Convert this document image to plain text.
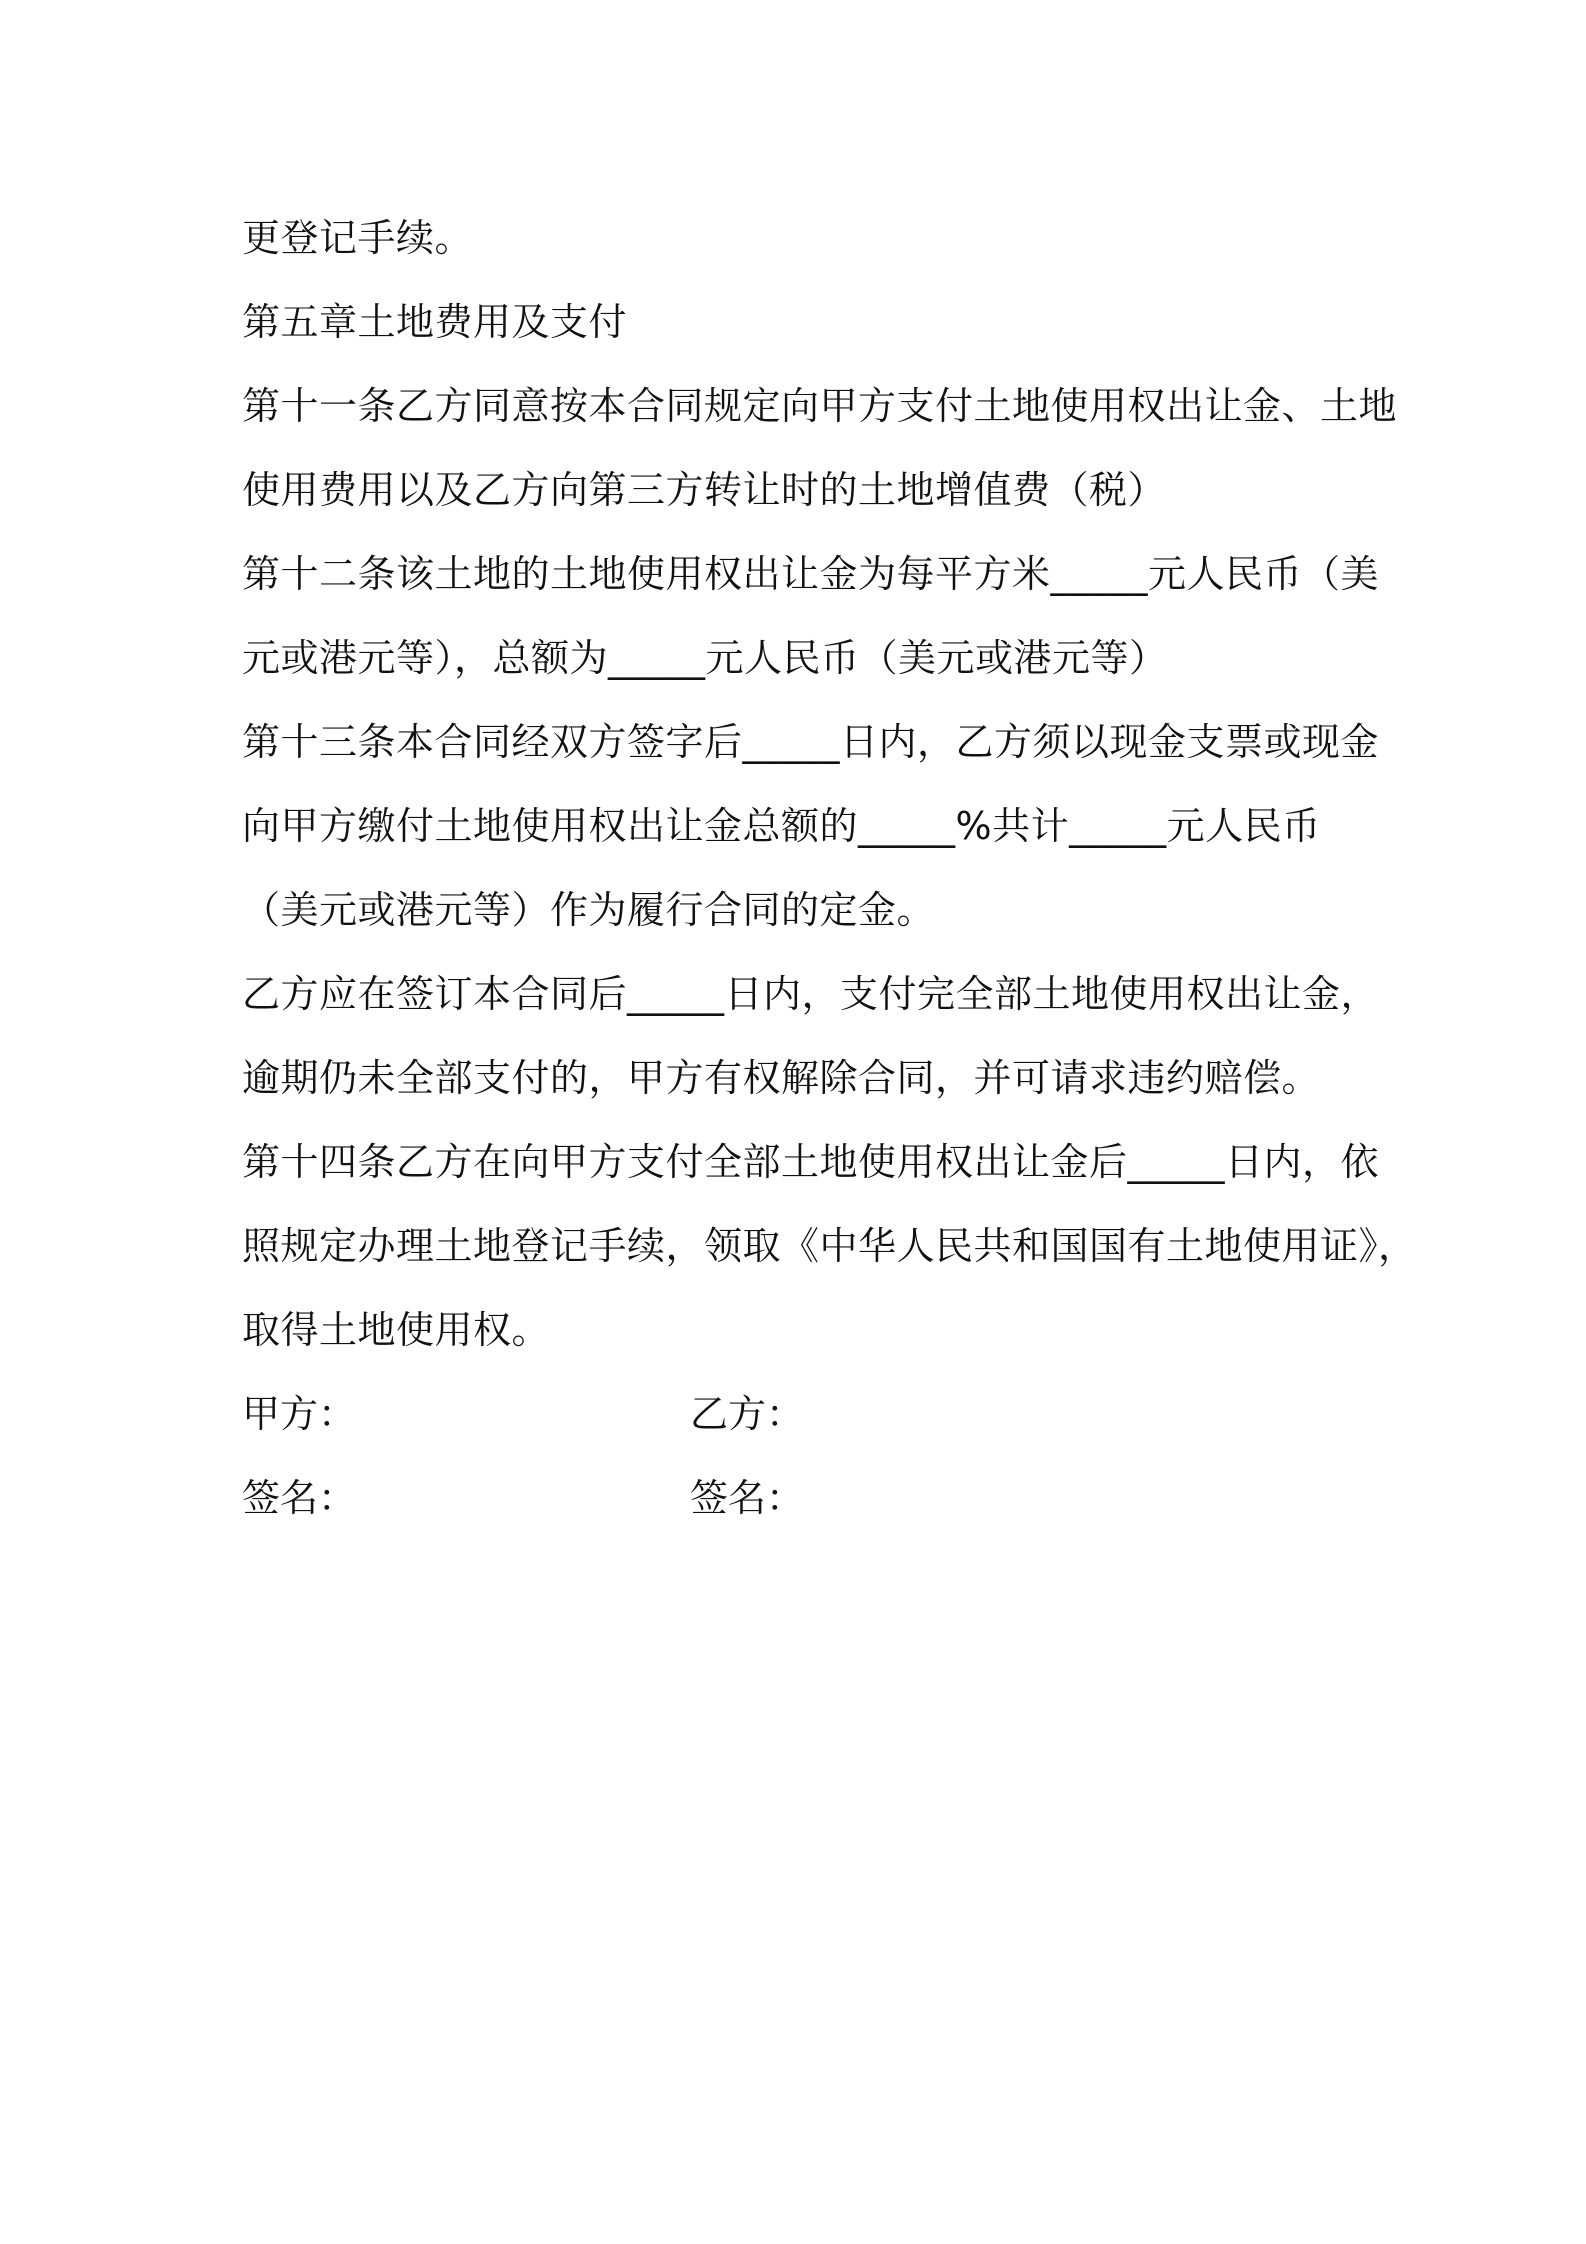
更登记手续。
第五章土地费用及支付
第十一条乙方同意按本合同规定向甲方支付土地使用权出让金、土地
使用费用以及乙方向第三方转让时的土地增值费（税）
第十二条该土地的土地使用权出让金为每平方米_____元人民币（美
元或港元等），总额为_____元人民币（美元或港元等）
第十三条本合同经双方签字后_____日内，乙方须以现金支票或现金
向甲方缴付土地使用权出让金总额的_____%共计_____元人民币
（美元或港元等）作为履行合同的定金。
乙方应在签订本合同后_____日内，支付完全部土地使用权出让金，
逾期仍未全部支付的，甲方有权解除合同，并可请求违约赔偿。
第十四条乙方在向甲方支付全部土地使用权出让金后_____日内，依
照规定办理土地登记手续，领取《中华人民共和国国有土地使用证》，
取得土地使用权。
甲方：	乙方：
签名：	签名：
